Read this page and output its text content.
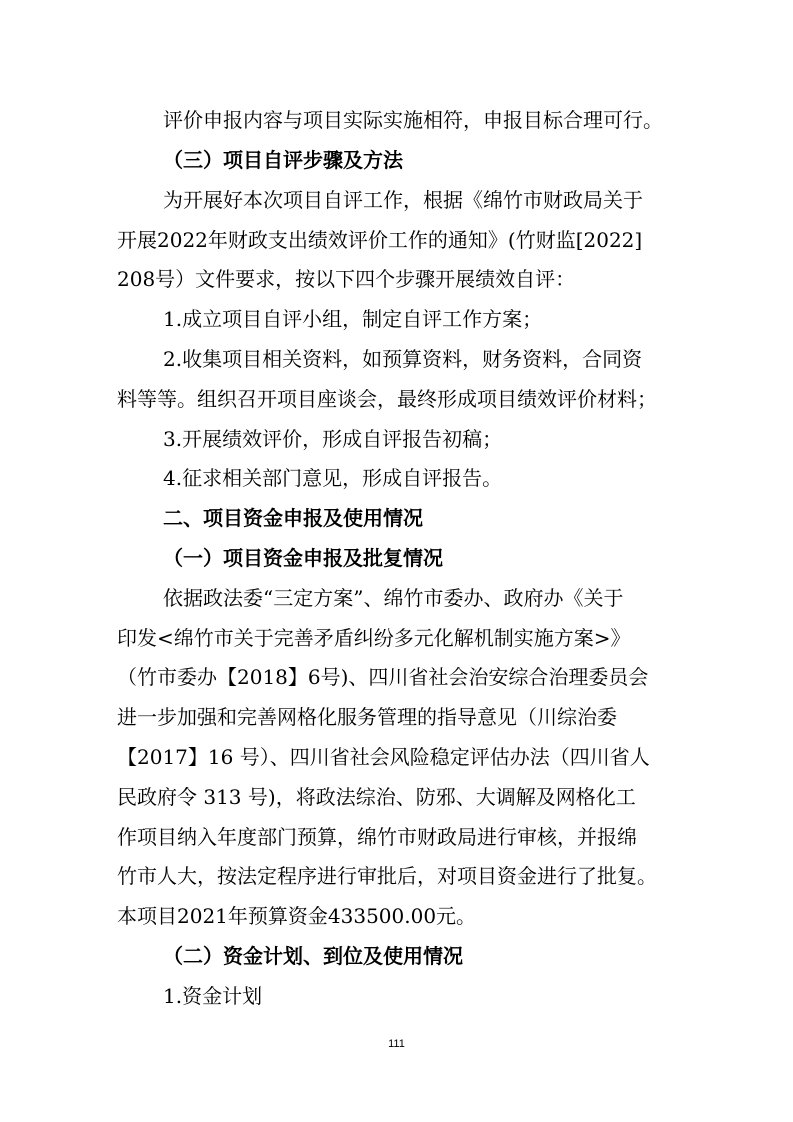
评价申报内容与项目实际实施相符，申报目标合理可行。
（三）项目自评步骤及方法
为开展好本次项目自评工作，根据《绵竹市财政局关于
开展2022年财政支出绩效评价工作的通知》(竹财监[2022]
208号）文件要求，按以下四个步骤开展绩效自评：
1.成立项目自评小组，制定自评工作方案；
2.收集项目相关资料，如预算资料，财务资料，合同资
料等等。组织召开项目座谈会，最终形成项目绩效评价材料；
3.开展绩效评价，形成自评报告初稿；
4.征求相关部门意见，形成自评报告。
二、项目资金申报及使用情况
（一）项目资金申报及批复情况
依据政法委“三定方案”、绵竹市委办、政府办《关于
印发<绵竹市关于完善矛盾纠纷多元化解机制实施方案>》
（竹市委办【2018】6号)、四川省社会治安综合治理委员会
进一步加强和完善网格化服务管理的指导意见（川综治委
【2017】16 号）、四川省社会风险稳定评估办法（四川省人
民政府令 313 号)，将政法综治、防邪、大调解及网格化工
作项目纳入年度部门预算，绵竹市财政局进行审核，并报绵
竹市人大，按法定程序进行审批后，对项目资金进行了批复。
本项目2021年预算资金433500.00元。
（二）资金计划、到位及使用情况
1.资金计划
111
